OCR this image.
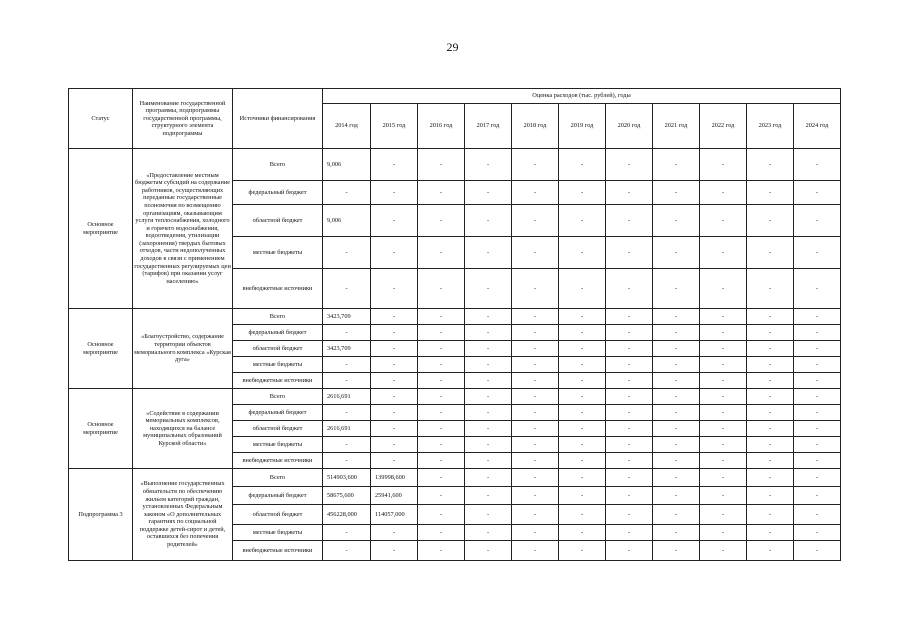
29
Статус	Наименование государственной программы, подпрограммы государственной программы, структурного элемента подпрограммы	Источники финансирования	Оценка расходов (тыс. рублей), годы										
			2014 год	2015 год	2016 год	2017 год	2018 год	2019 год	2020 год	2021 год	2022 год	2023 год	2024 год
Основное мероприятие	«Предоставление местным бюджетам субсидий на содержание работников, осуществляющих переданные государственные полномочия по возмещению организациям, оказывающим услуги теплоснабжения, холодного и горячего водоснабжения, водоотведения, утилизации (захоронения) твердых бытовых отходов, части недополученных доходов в связи с применением государственных регулируемых цен (тарифов) при оказании услуг населению»	Всего	9,006	-	-	-	-	-	-	-	-	-	-
		федеральный бюджет	-	-	-	-	-	-	-	-	-	-	-
		областной бюджет	9,006	-	-	-	-	-	-	-	-	-	-
		местные бюджеты	-	-	-	-	-	-	-	-	-	-	-
		внебюджетные источники	-	-	-	-	-	-	-	-	-	-	-
Основное мероприятие	«Благоустройство, содержание территории объектов мемориального комплекса «Курская дуга»	Всего	3423,709	-	-	-	-	-	-	-	-	-	-
		федеральный бюджет	-	-	-	-	-	-	-	-	-	-	-
		областной бюджет	3423,709	-	-	-	-	-	-	-	-	-	-
		местные бюджеты	-	-	-	-	-	-	-	-	-	-	-
		внебюджетные источники	-	-	-	-	-	-	-	-	-	-	-
Основное мероприятие	«Содействие в содержании мемориальных комплексов, находящихся на балансе муниципальных образований Курской области»	Всего	2616,691	-	-	-	-	-	-	-	-	-	-
		федеральный бюджет	-	-	-	-	-	-	-	-	-	-	-
		областной бюджет	2616,691	-	-	-	-	-	-	-	-	-	-
		местные бюджеты	-	-	-	-	-	-	-	-	-	-	-
		внебюджетные источники	-	-	-	-	-	-	-	-	-	-	-
Подпрограмма 3	«Выполнение государственных обязательств по обеспечению жильем категорий граждан, установленных Федеральным законом «О дополнительных гарантиях по социальной поддержке детей-сирот и детей, оставшихся без попечения родителей»	Всего	514903,600	139998,600	-	-	-	-	-	-	-	-	-
		федеральный бюджет	58675,600	25941,600	-	-	-	-	-	-	-	-	-
		областной бюджет	456228,000	114057,000	-	-	-	-	-	-	-	-	-
		местные бюджеты	-	-	-	-	-	-	-	-	-	-	-
		внебюджетные источники	-	-	-	-	-	-	-	-	-	-	-
